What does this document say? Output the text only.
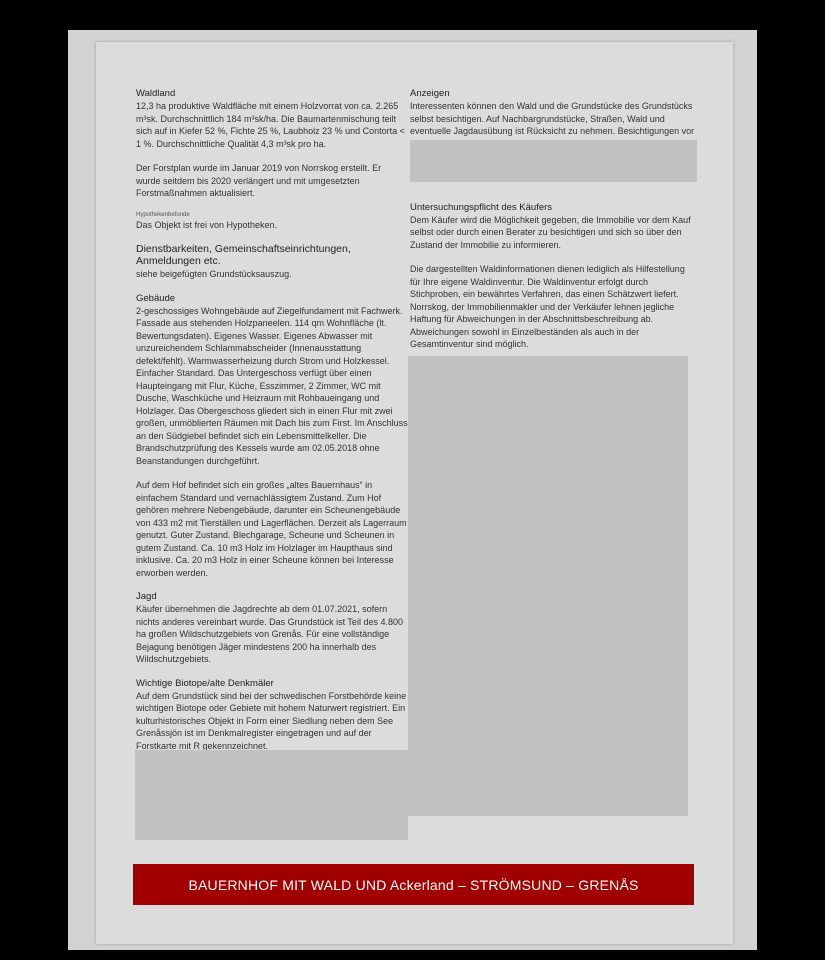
Waldland

12,3 ha produktive Waldfläche mit einem Holzvorrat von ca. 2.265 m³sk. Durchschnittlich 184 m³sk/ha. Die Baumartenmischung teilt sich auf in Kiefer 52 %, Fichte 25 %, Laubholz 23 % und Contorta < 1 %. Durchschnittliche Qualität 4,3 m³sk pro ha.

Der Forstplan wurde im Januar 2019 von Norrskog erstellt. Er wurde seitdem bis 2020 verlängert und mit umgesetzten Forstmaßnahmen aktualisiert.

Hypothekenbefunde

Das Objekt ist frei von Hypotheken.

Dienstbarkeiten, Gemeinschaftseinrichtungen, Anmeldungen etc.

siehe beigefügten Grundstücksauszug.

Gebäude

2-geschossiges Wohngebäude auf Ziegelfundament mit Fachwerk. Fassade aus stehenden Holzpaneelen. 114 qm Wohnfläche (lt. Bewertungsdaten). Eigenes Wasser. Eigenes Abwasser mit unzureichendem Schlammabscheider (Innenausstattung defekt/fehlt). Warmwasserheizung durch Strom und Holzkessel. Einfacher Standard. Das Untergeschoss verfügt über einen Haupteingang mit Flur, Küche, Esszimmer, 2 Zimmer, WC mit Dusche, Waschküche und Heizraum mit Rohbaueingang und Holzlager. Das Obergeschoss gliedert sich in einen Flur mit zwei großen, unmöblierten Räumen mit Dach bis zum First. Im Anschluss an den Südgiebel befindet sich ein Lebensmittelkeller. Die Brandschutzprüfung des Kessels wurde am 02.05.2018 ohne Beanstandungen durchgeführt.

Auf dem Hof befindet sich ein großes „altes Bauernhaus“ in einfachem Standard und vernachlässigtem Zustand. Zum Hof gehören mehrere Nebengebäude, darunter ein Scheunengebäude von 433 m2 mit Tierställen und Lagerflächen. Derzeit als Lagerraum genutzt. Guter Zustand. Blechgarage, Scheune und Scheunen in gutem Zustand. Ca. 10 m3 Holz im Holzlager im Haupthaus sind inklusive. Ca. 20 m3 Holz in einer Scheune können bei Interesse erworben werden.

Jagd

Käufer übernehmen die Jagdrechte ab dem 01.07.2021, sofern nichts anderes vereinbart wurde. Das Grundstück ist Teil des 4.800 ha großen Wildschutzgebiets von Grenås. Für eine vollständige Bejagung benötigen Jäger mindestens 200 ha innerhalb des Wildschutzgebiets.

Wichtige Biotope/alte Denkmäler

Auf dem Grundstück sind bei der schwedischen Forstbehörde keine wichtigen Biotope oder Gebiete mit hohem Naturwert registriert. Ein kulturhistorisches Objekt in Form einer Siedlung neben dem See Grenåssjön ist im Denkmalregister eingetragen und auf der Forstkarte mit R gekennzeichnet.

Anzeigen

Interessenten können den Wald und die Grundstücke des Grundstücks selbst besichtigen. Auf Nachbargrundstücke, Straßen, Wald und eventuelle Jagdausübung ist Rücksicht zu nehmen. Besichtigungen vor

Untersuchungspflicht des Käufers

Dem Käufer wird die Möglichkeit gegeben, die Immobilie vor dem Kauf selbst oder durch einen Berater zu besichtigen und sich so über den Zustand der Immobilie zu informieren.

Die dargestellten Waldinformationen dienen lediglich als Hilfestellung für Ihre eigene Waldinventur. Die Waldinventur erfolgt durch Stichproben, ein bewährtes Verfahren, das einen Schätzwert liefert. Norrskog, der Immobilienmakler und der Verkäufer lehnen jegliche Haftung für Abweichungen in der Abschnittsbeschreibung ab. Abweichungen sowohl in Einzelbeständen als auch in der Gesamtinventur sind möglich.

BAUERNHOF MIT WALD UND Ackerland – STRÖMSUND – GRENÅS
